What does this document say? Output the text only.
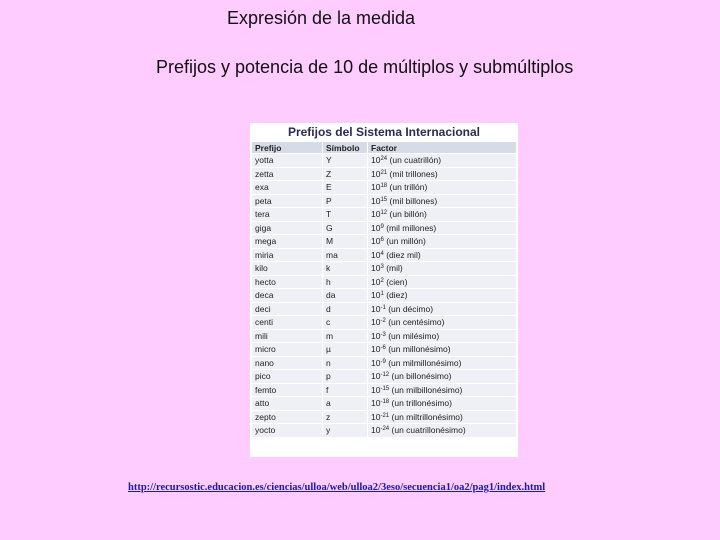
Expresión de la medida
Prefijos y potencia de 10 de múltiplos y submúltiplos
Prefijos del Sistema Internacional
Prefijo	Símbolo	Factor
yotta	Y	$10^{24}$ (un cuatrillón)
zetta	Z	$10^{21}$ (mil trillones)
exa	E	$10^{18}$ (un trillón)
peta	P	$10^{15}$ (mil billones)
tera	T	$10^{12}$ (un billón)
giga	G	$10^9$ (mil millones)
mega	M	$10^6$ (un millón)
miria	ma	$10^4$ (diez mil)
kilo	k	$10^3$ (mil)
hecto	h	$10^2$ (cien)
deca	da	$10^1$ (diez)
deci	d	$10^{-1}$ (un décimo)
centi	c	$10^{-2}$ (un centésimo)
mili	m	$10^{-3}$ (un milésimo)
micro	µ	$10^{-6}$ (un millonésimo)
nano	n	$10^{-9}$ (un milmillonésimo)
pico	p	$10^{-12}$ (un billonésimo)
femto	f	$10^{-15}$ (un milbillonésimo)
atto	a	$10^{-18}$ (un trillonésimo)
zepto	z	$10^{-21}$ (un miltrillonésimo)
yocto	y	$10^{-24}$ (un cuatrillonésimo)
http://recursostic.educacion.es/ciencias/ulloa/web/ulloa2/3eso/secuencia1/oa2/pag1/index.html
